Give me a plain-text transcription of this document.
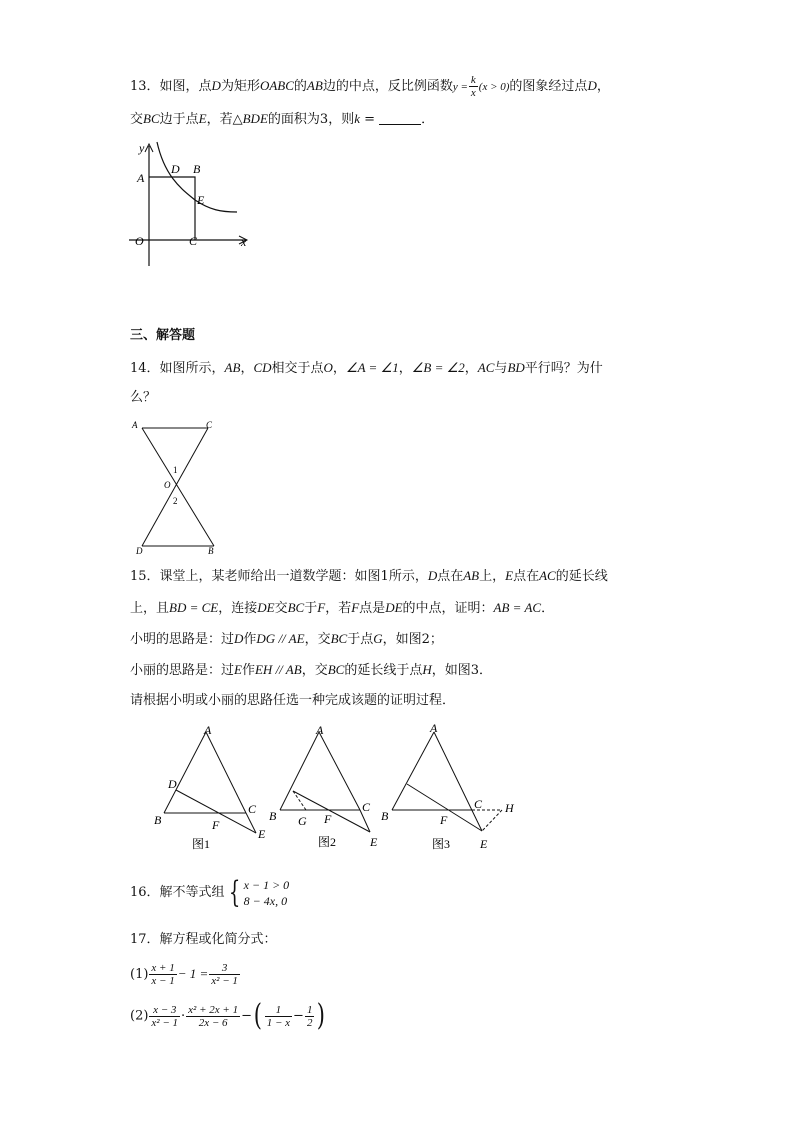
13．如图，点D为矩形OABC的AB边的中点，反比例函数$y = \frac{k}{x} (x > 0)$的图象经过点D，
交BC边于点E，若△BDE的面积为3，则k =	．
y
A
D B
E
O	C	x
三、解答题
14．如图所示，AB，CD相交于点O，∠A = ∠1，∠B = ∠2，AC与BD平行吗？为什
么？
A	C
1
O
2
D	B
15．课堂上，某老师给出一道数学题：如图1所示，D点在AB上，E点在AC的延长线
上，且BD = CE，连接DE交BC于F，若F点是DE的中点，证明：AB = AC．
小明的思路是：过D作DG // AE，交BC于点G，如图2；
小丽的思路是：过E作EH // AB，交BC的延长线于点H，如图3．
请根据小明或小丽的思路任选一种完成该题的证明过程．
A
D
B
C
F
E
图1
A
B
C
G F
E
图2
A
B
C H
F
E
图3
16．解不等式组 { x − 1 > 0
8 − 4x, 0
17．解方程或化简分式：
$(1) \frac{x + 1}{x - 1} - 1 = \frac{3}{\text{x² − 1}}$
$(2) \frac{x - 3}{\text{x² − 1}} \cdot \frac{\text{x² + 2x + 1}}{2x - 6}$ −( $\frac{1}{1 - x} - \frac{1}{2}$ )
